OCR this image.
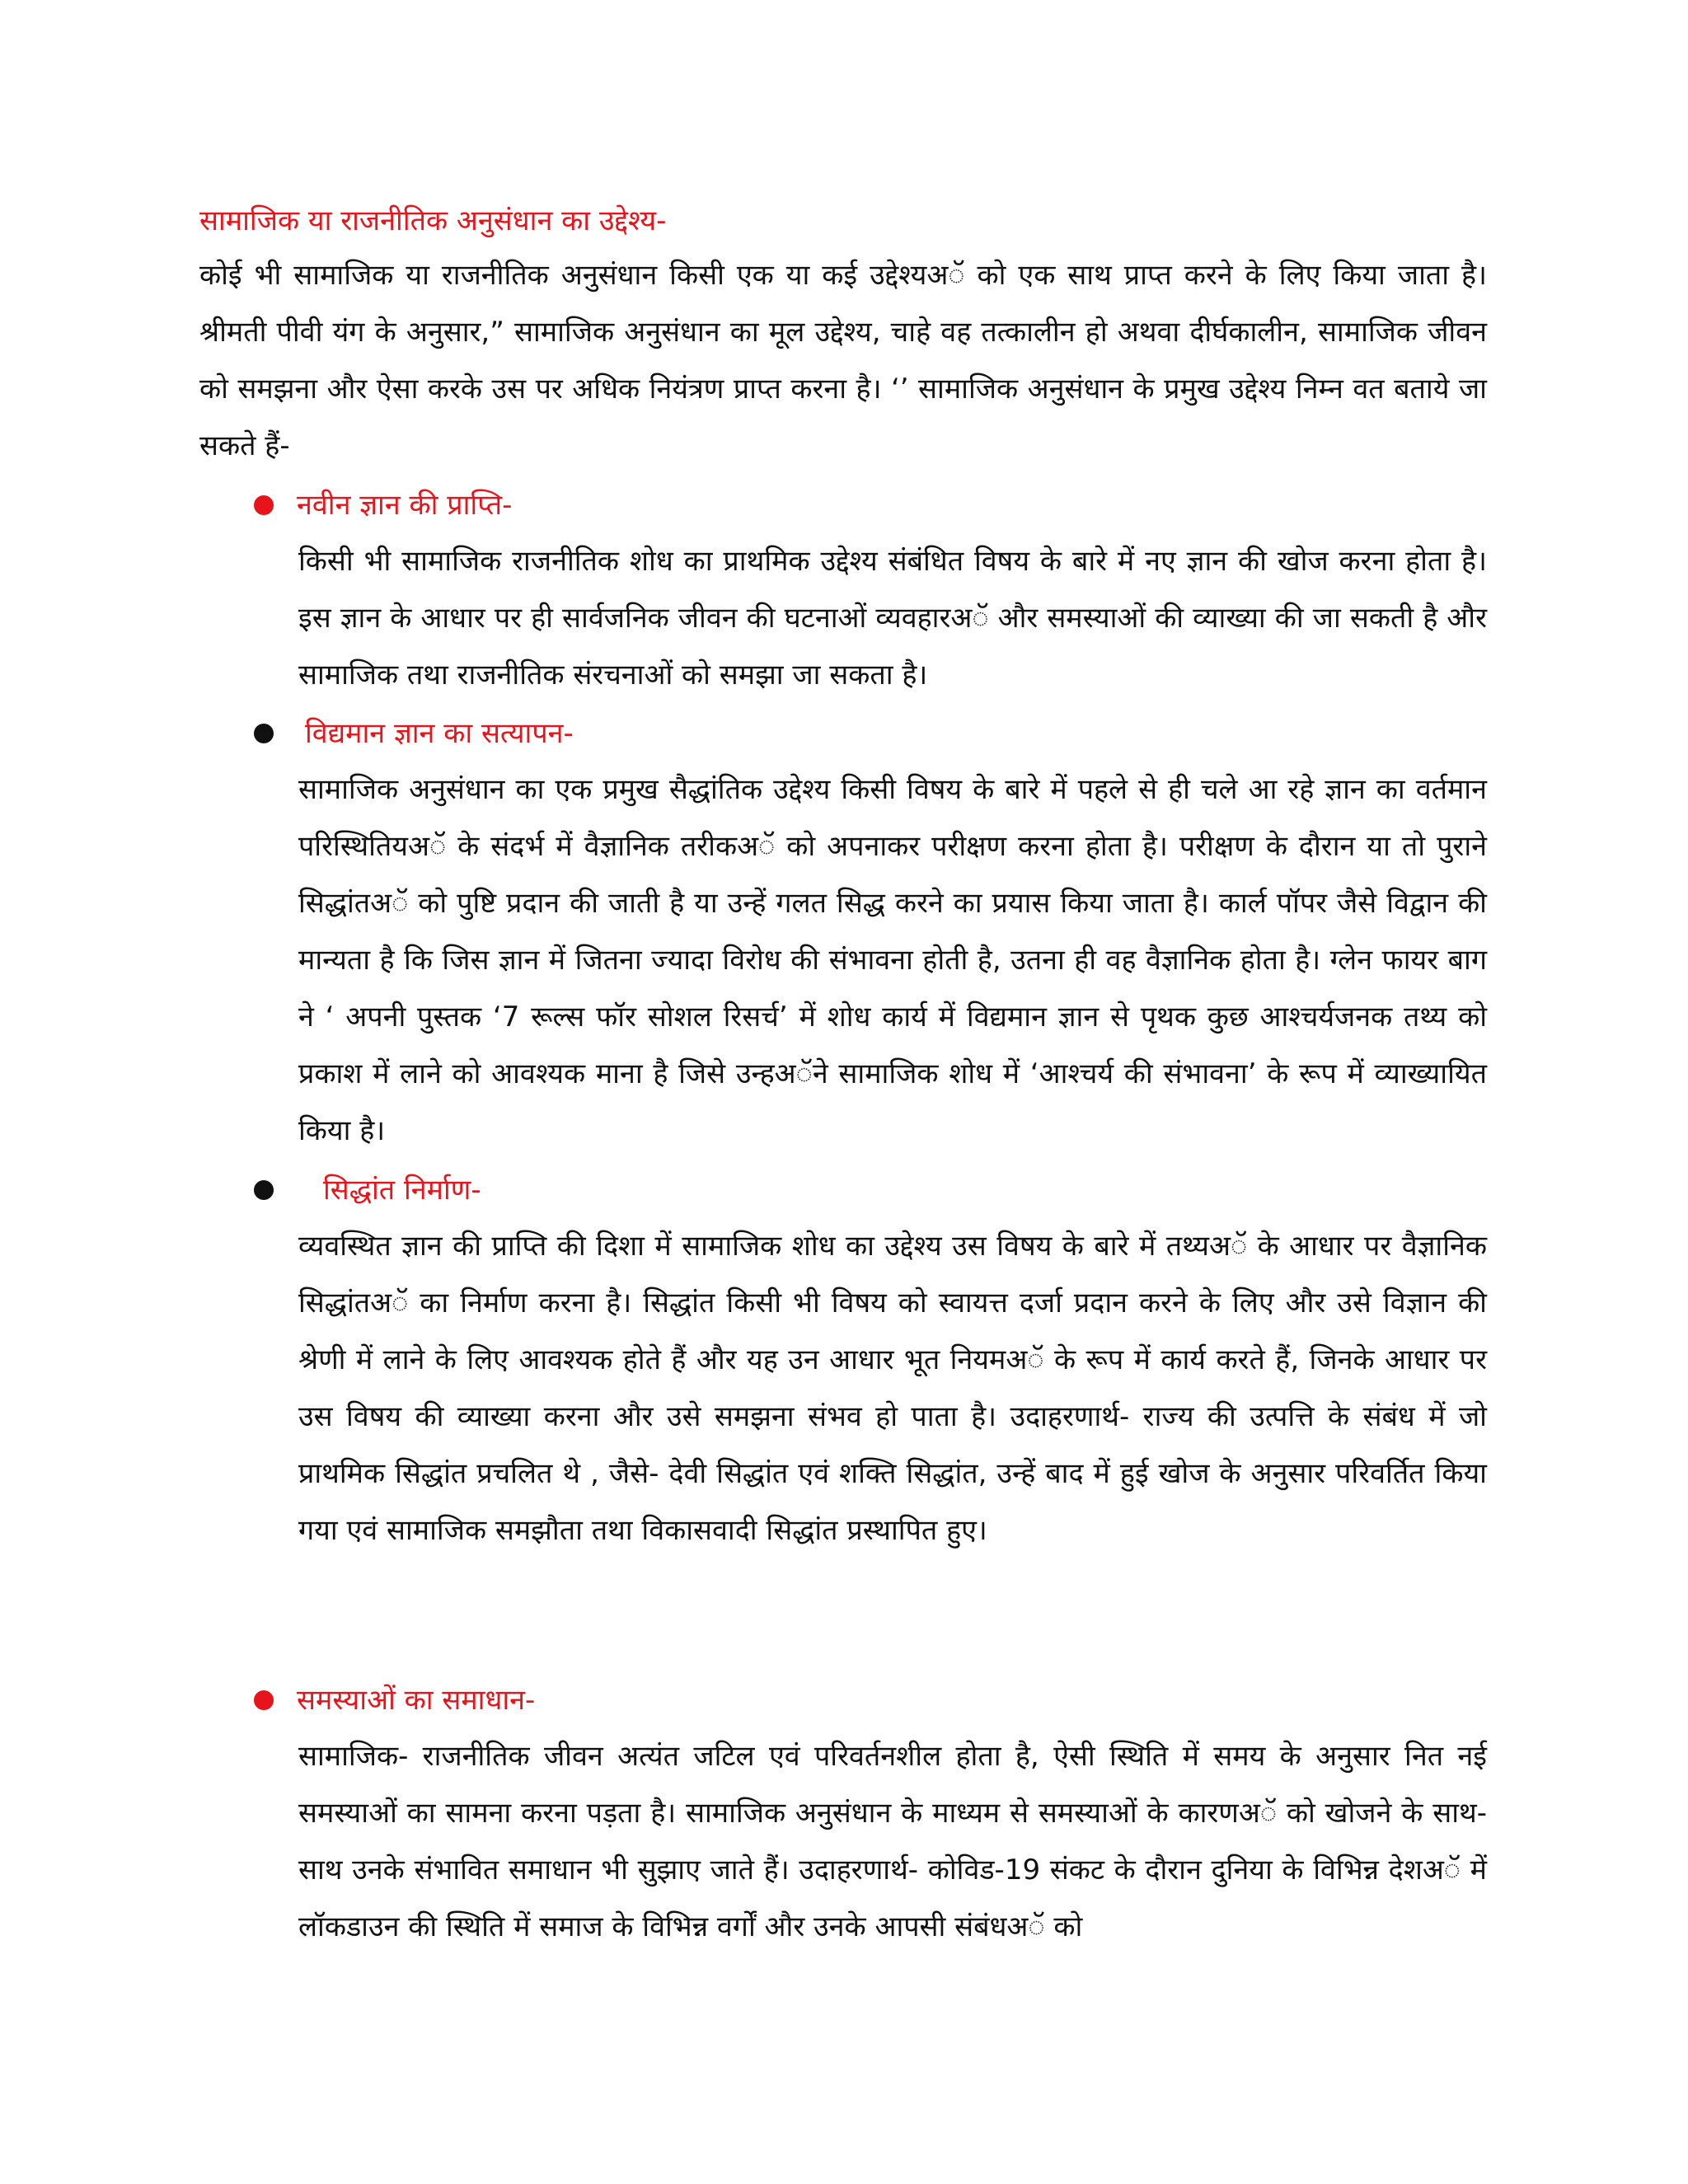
सामाजिक या राजनीतिक अनुसंधान का उद्देश्य-

कोई भी सामाजिक या राजनीतिक अनुसंधान किसी एक या कई उद्देश्यअॅ को एक साथ प्राप्त करने के लिए किया जाता है। श्रीमती पीवी यंग के अनुसार,” सामाजिक अनुसंधान का मूल उद्देश्य, चाहे वह तत्कालीन हो अथवा दीर्घकालीन, सामाजिक जीवन को समझना और ऐसा करके उस पर अधिक नियंत्रण प्राप्त करना है। ‘’ सामाजिक अनुसंधान के प्रमुख उद्देश्य निम्न वत बताये जा सकते हैं-

नवीन ज्ञान की प्राप्ति-

किसी भी सामाजिक राजनीतिक शोध का प्राथमिक उद्देश्य संबंधित विषय के बारे में नए ज्ञान की खोज करना होता है। इस ज्ञान के आधार पर ही सार्वजनिक जीवन की घटनाओं व्यवहारअॅ और समस्याओं की व्याख्या की जा सकती है और सामाजिक तथा राजनीतिक संरचनाओं को समझा जा सकता है।

विद्यमान ज्ञान का सत्यापन-

सामाजिक अनुसंधान का एक प्रमुख सैद्धांतिक उद्देश्य किसी विषय के बारे में पहले से ही चले आ रहे ज्ञान का वर्तमान परिस्थितियअॅ के संदर्भ में वैज्ञानिक तरीकअॅ को अपनाकर परीक्षण करना होता है। परीक्षण के दौरान या तो पुराने सिद्धांतअॅ को पुष्टि प्रदान की जाती है या उन्हें गलत सिद्ध करने का प्रयास किया जाता है। कार्ल पॉपर जैसे विद्वान की मान्यता है कि जिस ज्ञान में जितना ज्यादा विरोध की संभावना होती है, उतना ही वह वैज्ञानिक होता है। ग्लेन फायर बाग ने ‘ अपनी पुस्तक ‘7 रूल्स फॉर सोशल रिसर्च’ में शोध कार्य में विद्यमान ज्ञान से पृथक कुछ आश्चर्यजनक तथ्य को प्रकाश में लाने को आवश्यक माना है जिसे उन्हअॅने सामाजिक शोध में ‘आश्चर्य की संभावना’ के रूप में व्याख्यायित किया है।

सिद्धांत निर्माण-

व्यवस्थित ज्ञान की प्राप्ति की दिशा में सामाजिक शोध का उद्देश्य उस विषय के बारे में तथ्यअॅ के आधार पर वैज्ञानिक सिद्धांतअॅ का निर्माण करना है। सिद्धांत किसी भी विषय को स्वायत्त दर्जा प्रदान करने के लिए और उसे विज्ञान की श्रेणी में लाने के लिए आवश्यक होते हैं और यह उन आधार भूत नियमअॅ के रूप में कार्य करते हैं, जिनके आधार पर उस विषय की व्याख्या करना और उसे समझना संभव हो पाता है। उदाहरणार्थ- राज्य की उत्पत्ति के संबंध में जो प्राथमिक सिद्धांत प्रचलित थे , जैसे- देवी सिद्धांत एवं शक्ति सिद्धांत, उन्हें बाद में हुई खोज के अनुसार परिवर्तित किया गया एवं सामाजिक समझौता तथा विकासवादी सिद्धांत प्रस्थापित हुए।

समस्याओं का समाधान-

सामाजिक- राजनीतिक जीवन अत्यंत जटिल एवं परिवर्तनशील होता है, ऐसी स्थिति में समय के अनुसार नित नई समस्याओं का सामना करना पड़ता है। सामाजिक अनुसंधान के माध्यम से समस्याओं के कारणअॅ को खोजने के साथ-साथ उनके संभावित समाधान भी सुझाए जाते हैं। उदाहरणार्थ- कोविड-19 संकट के दौरान दुनिया के विभिन्न देशअॅ में लॉकडाउन की स्थिति में समाज के विभिन्न वर्गों और उनके आपसी संबंधअॅ को
